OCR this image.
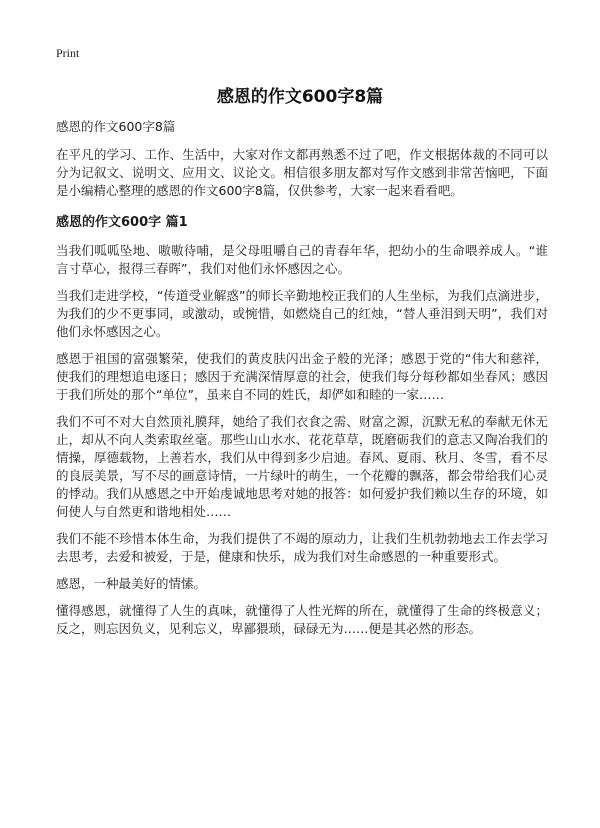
Print
感恩的作文600字8篇

感恩的作文600字8篇

在平凡的学习、工作、生活中，大家对作文都再熟悉不过了吧，作文根据体裁的不同可以分为记叙文、说明文、应用文、议论文。相信很多朋友都对写作文感到非常苦恼吧，下面是小编精心整理的感恩的作文600字8篇，仅供参考，大家一起来看看吧。

感恩的作文600字 篇1

当我们呱呱坠地、嗷嗷待哺，是父母咀嚼自己的青春年华，把幼小的生命喂养成人。“谁言寸草心，报得三春晖”，我们对他们永怀感因之心。

当我们走进学校，“传道受业解惑”的师长辛勤地校正我们的人生坐标，为我们点滴进步，为我们的少不更事同，或激动，或惋惜，如燃烧自己的红烛，“替人垂泪到天明”，我们对他们永怀感因之心。

感恩于祖国的富强繁荣，使我们的黄皮肤闪出金子般的光泽；感恩于党的“伟大和慈祥，使我们的理想追电逐日；感因于充满深情厚意的社会，使我们每分每秒都如坐春风；感因于我们所处的那个“单位”，虽来自不同的姓氏，却俨如和睦的一家……

我们不可不对大自然顶礼膜拜，她给了我们衣食之需、财富之源，沉默无私的奉献无休无止，却从不向人类索取丝毫。那些山山水水、花花草草，既磨砺我们的意志又陶冶我们的情操，厚德载物，上善若水，我们从中得到多少启迪。春风、夏雨、秋月、冬雪，看不尽的良辰美景，写不尽的画意诗情，一片绿叶的萌生，一个花瓣的飘落，都会带给我们心灵的悸动。我们从感恩之中开始虔诚地思考对她的报答：如何爱护我们赖以生存的环境，如何使人与自然更和谐地相处……

我们不能不珍惜本体生命，为我们提供了不竭的原动力，让我们生机勃勃地去工作去学习去思考，去爱和被爱，于是，健康和快乐，成为我们对生命感恩的一种重要形式。

感恩，一种最美好的情愫。

懂得感恩，就懂得了人生的真味，就懂得了人性光辉的所在，就懂得了生命的终极意义；反之，则忘因负义，见利忘义，卑鄙猥琐，碌碌无为……便是其必然的形态。
